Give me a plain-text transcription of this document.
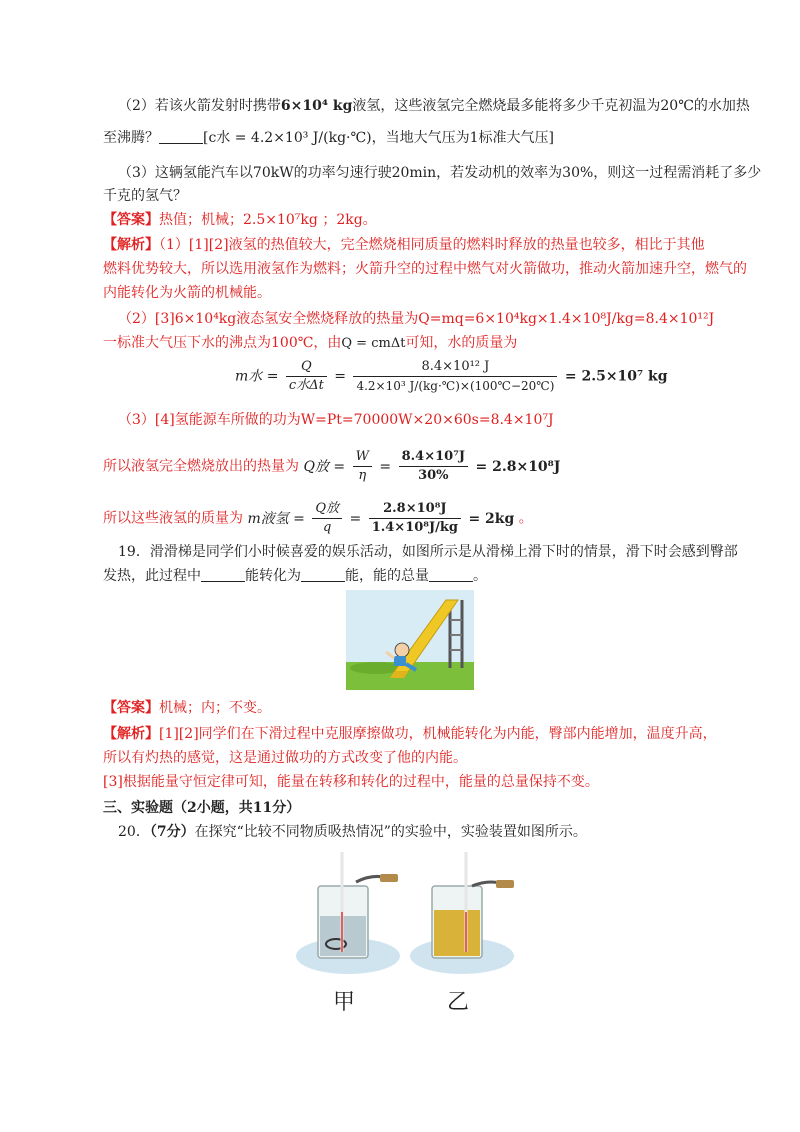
（2）若该火箭发射时携带6×10⁴ kg液氢，这些液氢完全燃烧最多能将多少千克初温为20℃的水加热
至沸腾？	[c水 = 4.2×10³ J/(kg·℃)，当地大气压为1标准大气压]
（3）这辆氢能汽车以70kW的功率匀速行驶20min，若发动机的效率为30%，则这一过程需消耗了多少
千克的氢气？
【答案】热值；机械；2.5×10⁷kg ；2kg。
【解析】（1）[1][2]液氢的热值较大，完全燃烧相同质量的燃料时释放的热量也较多，相比于其他
燃料优势较大，所以选用液氢作为燃料；火箭升空的过程中燃气对火箭做功，推动火箭加速升空，燃气的
内能转化为火箭的机械能。
（2）[3]6×10⁴kg液态氢安全燃烧释放的热量为Q=mq=6×10⁴kg×1.4×10⁸J/kg=8.4×10¹²J
一标准大气压下水的沸点为100℃，由Q = cmΔt可知，水的质量为
m水 = $\frac{Q}{\text{c水Δt}} = \frac{\text{8.4×10¹² J}}{\text{4.2×10³ J/(kg·℃)×(100℃−20℃)}} = 2.5\times 10^7$ kg
（3）[4]氢能源车所做的功为W=Pt=70000W×20×60s=8.4×10⁷J
所以液氢完全燃烧放出的热量为 Q放 = $\frac{W}{\eta} = \frac{\text{8.4×10⁷J}}{30\%} = 2.8\times 10^8J$
所以这些液氢的质量为 m液氢 = $\frac{\text{Q放}}{q} = \frac{\text{2.8×10⁸J}}{\text{1.4×10⁸J/kg}} = 2kg$ 。
19．滑滑梯是同学们小时候喜爱的娱乐活动，如图所示是从滑梯上滑下时的情景，滑下时会感到臀部
发热，此过程中	能转化为	能，能的总量	。
【答案】机械；内；不变。
【解析】[1][2]同学们在下滑过程中克服摩擦做功，机械能转化为内能，臀部内能增加，温度升高，
所以有灼热的感觉，这是通过做功的方式改变了他的内能。
[3]根据能量守恒定律可知，能量在转移和转化的过程中，能量的总量保持不变。
三、实验题（2小题，共11分）
20．（7分）在探究“比较不同物质吸热情况”的实验中，实验装置如图所示。
甲	乙
